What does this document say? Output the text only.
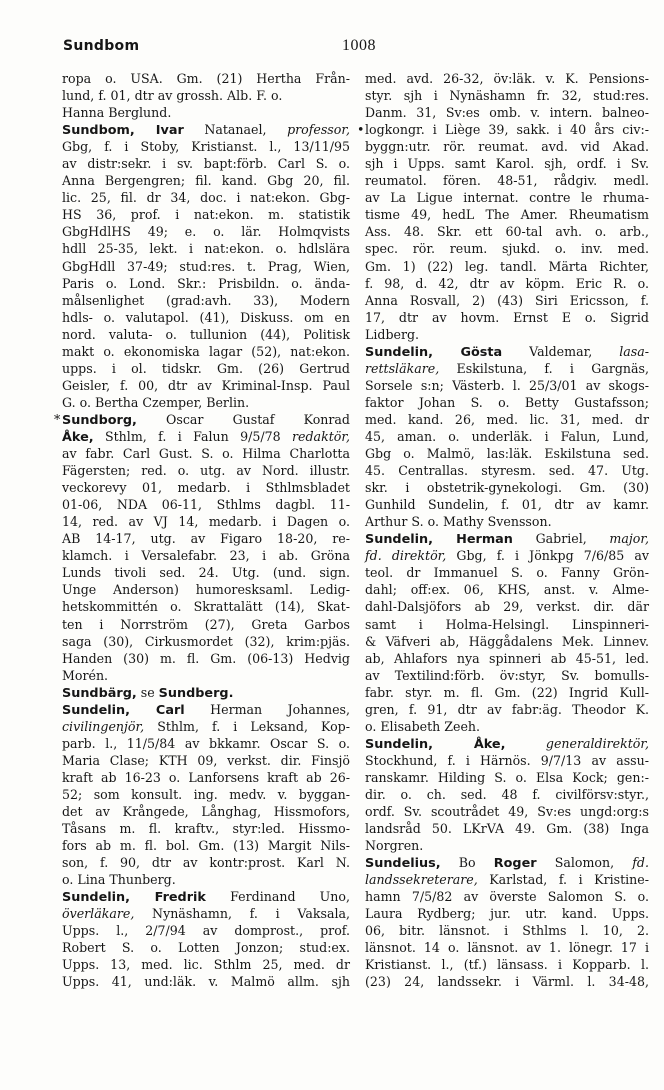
Sundbom	1008
ropa o. USA. Gm. (21) Hertha Från-
lund, f. 01, dtr av grossh. Alb. F. o.
Hanna Berglund.
Sundbom, Ivar Natanael, professor,
Gbg, f. i Stoby, Kristianst. l., 13/11/95
av distr:sekr. i sv. bapt:förb. Carl S. o.
Anna Bergengren; fil. kand. Gbg 20, fil.
lic. 25, fil. dr 34, doc. i nat:ekon. Gbg-
HS 36, prof. i nat:ekon. m. statistik
GbgHdlHS 49; e. o. lär. Holmqvists
hdll 25-35, lekt. i nat:ekon. o. hdlslära
GbgHdll 37-49; stud:res. t. Prag, Wien,
Paris o. Lond. Skr.: Prisbildn. o. ända-
målsenlighet (grad:avh. 33), Modern
hdls- o. valutapol. (41), Diskuss. om en
nord. valuta- o. tullunion (44), Politisk
makt o. ekonomiska lagar (52), nat:ekon.
upps. i ol. tidskr. Gm. (26) Gertrud
Geisler, f. 00, dtr av Kriminal-Insp. Paul
G. o. Bertha Czemper, Berlin.
* Sundborg, Oscar Gustaf Konrad
Åke, Sthlm, f. i Falun 9/5/78 redaktör,
av fabr. Carl Gust. S. o. Hilma Charlotta
Fägersten; red. o. utg. av Nord. illustr.
veckorevy 01, medarb. i Sthlmsbladet
01-06, NDA 06-11, Sthlms dagbl. 11-
14, red. av VJ 14, medarb. i Dagen o.
AB 14-17, utg. av Figaro 18-20, re-
klamch. i Versalefabr. 23, i ab. Gröna
Lunds tivoli sed. 24. Utg. (und. sign.
Unge Anderson) humoresksaml. Ledig-
hetskommittén o. Skrattalätt (14), Skat-
ten i Norrström (27), Greta Garbos
saga (30), Cirkusmordet (32), krim:pjäs.
Handen (30) m. fl. Gm. (06-13) Hedvig
Morén.
Sundbärg, se Sundberg.
Sundelin, Carl Herman Johannes,
civilingenjör, Sthlm, f. i Leksand, Kop-
parb. l., 11/5/84 av bkkamr. Oscar S. o.
Maria Clase; KTH 09, verkst. dir. Finsjö
kraft ab 16-23 o. Lanforsens kraft ab 26-
52; som konsult. ing. medv. v. byggan-
det av Krångede, Långhag, Hissmofors,
Tåsans m. fl. kraftv., styr:led. Hissmo-
fors ab m. fl. bol. Gm. (13) Margit Nils-
son, f. 90, dtr av kontr:prost. Karl N.
o. Lina Thunberg.
Sundelin, Fredrik Ferdinand Uno,
överläkare, Nynäshamn, f. i Vaksala,
Upps. l., 2/7/94 av domprost., prof.
Robert S. o. Lotten Jonzon; stud:ex.
Upps. 13, med. lic. Sthlm 25, med. dr
Upps. 41, und:läk. v. Malmö allm. sjh
med. avd. 26-32, öv:läk. v. K. Pensions-
styr. sjh i Nynäshamn fr. 32, stud:res.
Danm. 31, Sv:es omb. v. intern. balneo-
•logkongr. i Liège 39, sakk. i 40 års civ:-
byggn:utr. rör. reumat. avd. vid Akad.
sjh i Upps. samt Karol. sjh, ordf. i Sv.
reumatol. fören. 48-51, rådgiv. medl.
av La Ligue internat. contre le rhuma-
tisme 49, hedL The Amer. Rheumatism
Ass. 48. Skr. ett 60-tal avh. o. arb.,
spec. rör. reum. sjukd. o. inv. med.
Gm. 1) (22) leg. tandl. Märta Richter,
f. 98, d. 42, dtr av köpm. Eric R. o.
Anna Rosvall, 2) (43) Siri Ericsson, f.
17, dtr av hovm. Ernst E o. Sigrid
Lidberg.
Sundelin, Gösta Valdemar, lasa-
rettsläkare, Eskilstuna, f. i Gargnäs,
Sorsele s:n; Västerb. l. 25/3/01 av skogs-
faktor Johan S. o. Betty Gustafsson;
med. kand. 26, med. lic. 31, med. dr
45, aman. o. underläk. i Falun, Lund,
Gbg o. Malmö, las:läk. Eskilstuna sed.
45. Centrallas. styresm. sed. 47. Utg.
skr. i obstetrik-gynekologi. Gm. (30)
Gunhild Sundelin, f. 01, dtr av kamr.
Arthur S. o. Mathy Svensson.
Sundelin, Herman Gabriel, major,
fd. direktör, Gbg, f. i Jönkpg 7/6/85 av
teol. dr Immanuel S. o. Fanny Grön-
dahl; off:ex. 06, KHS, anst. v. Alme-
dahl-Dalsjöfors ab 29, verkst. dir. där
samt i Holma-Helsingl. Linspinneri-
& Väfveri ab, Häggådalens Mek. Linnev.
ab, Ahlafors nya spinneri ab 45-51, led.
av Textilind:förb. öv:styr, Sv. bomulls-
fabr. styr. m. fl. Gm. (22) Ingrid Kull-
gren, f. 91, dtr av fabr:äg. Theodor K.
o. Elisabeth Zeeh.
Sundelin, Åke, generaldirektör,
Stockhund, f. i Härnös. 9/7/13 av assu-
ranskamr. Hilding S. o. Elsa Kock; gen:-
dir. o. ch. sed. 48 f. civilförsv:styr.,
ordf. Sv. scoutrådet 49, Sv:es ungd:org:s
landsråd 50. LKrVA 49. Gm. (38) Inga
Norgren.
Sundelius, Bo Roger Salomon, fd.
landssekreterare, Karlstad, f. i Kristine-
hamn 7/5/82 av överste Salomon S. o.
Laura Rydberg; jur. utr. kand. Upps.
06, bitr. länsnot. i Sthlms l. 10, 2.
länsnot. 14 o. länsnot. av 1. lönegr. 17 i
Kristianst. l., (tf.) länsass. i Kopparb. l.
(23) 24, landssekr. i Värml. l. 34-48,
